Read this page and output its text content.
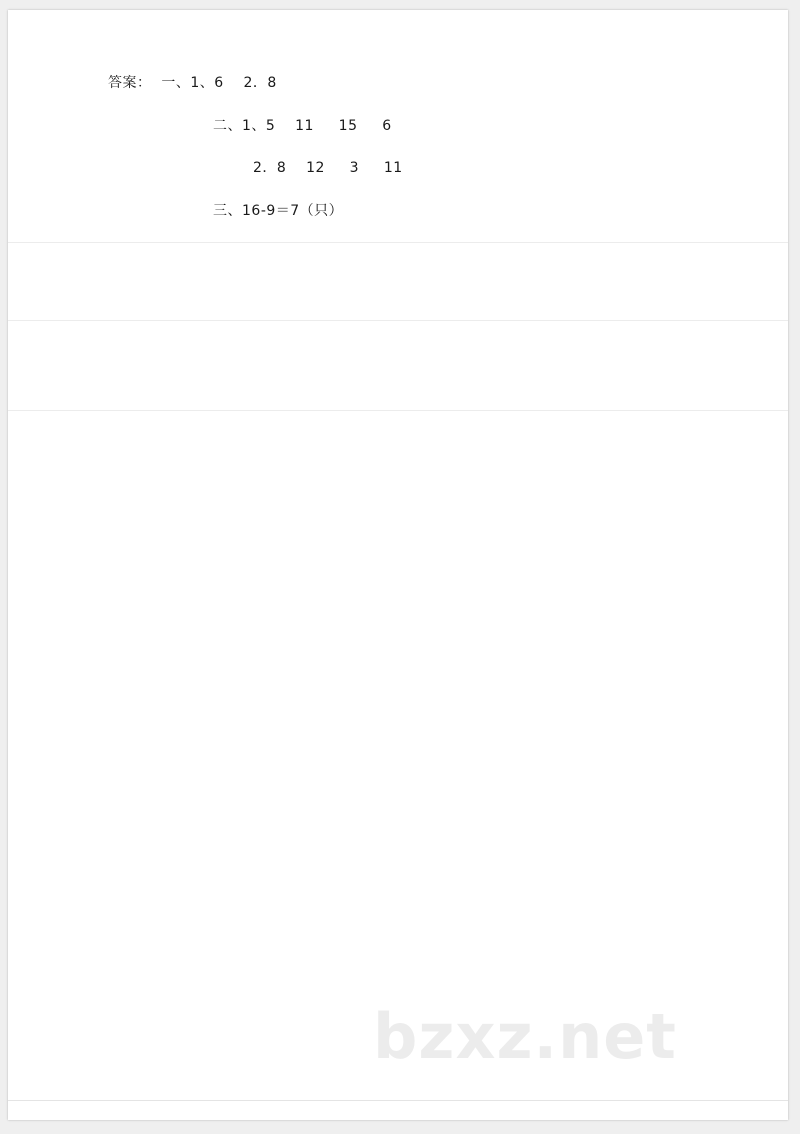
答案：  一、1、6    2．8
二、1、5    11     15     6
2．8    12     3     11
三、16-9＝7（只）
bzxz.net
